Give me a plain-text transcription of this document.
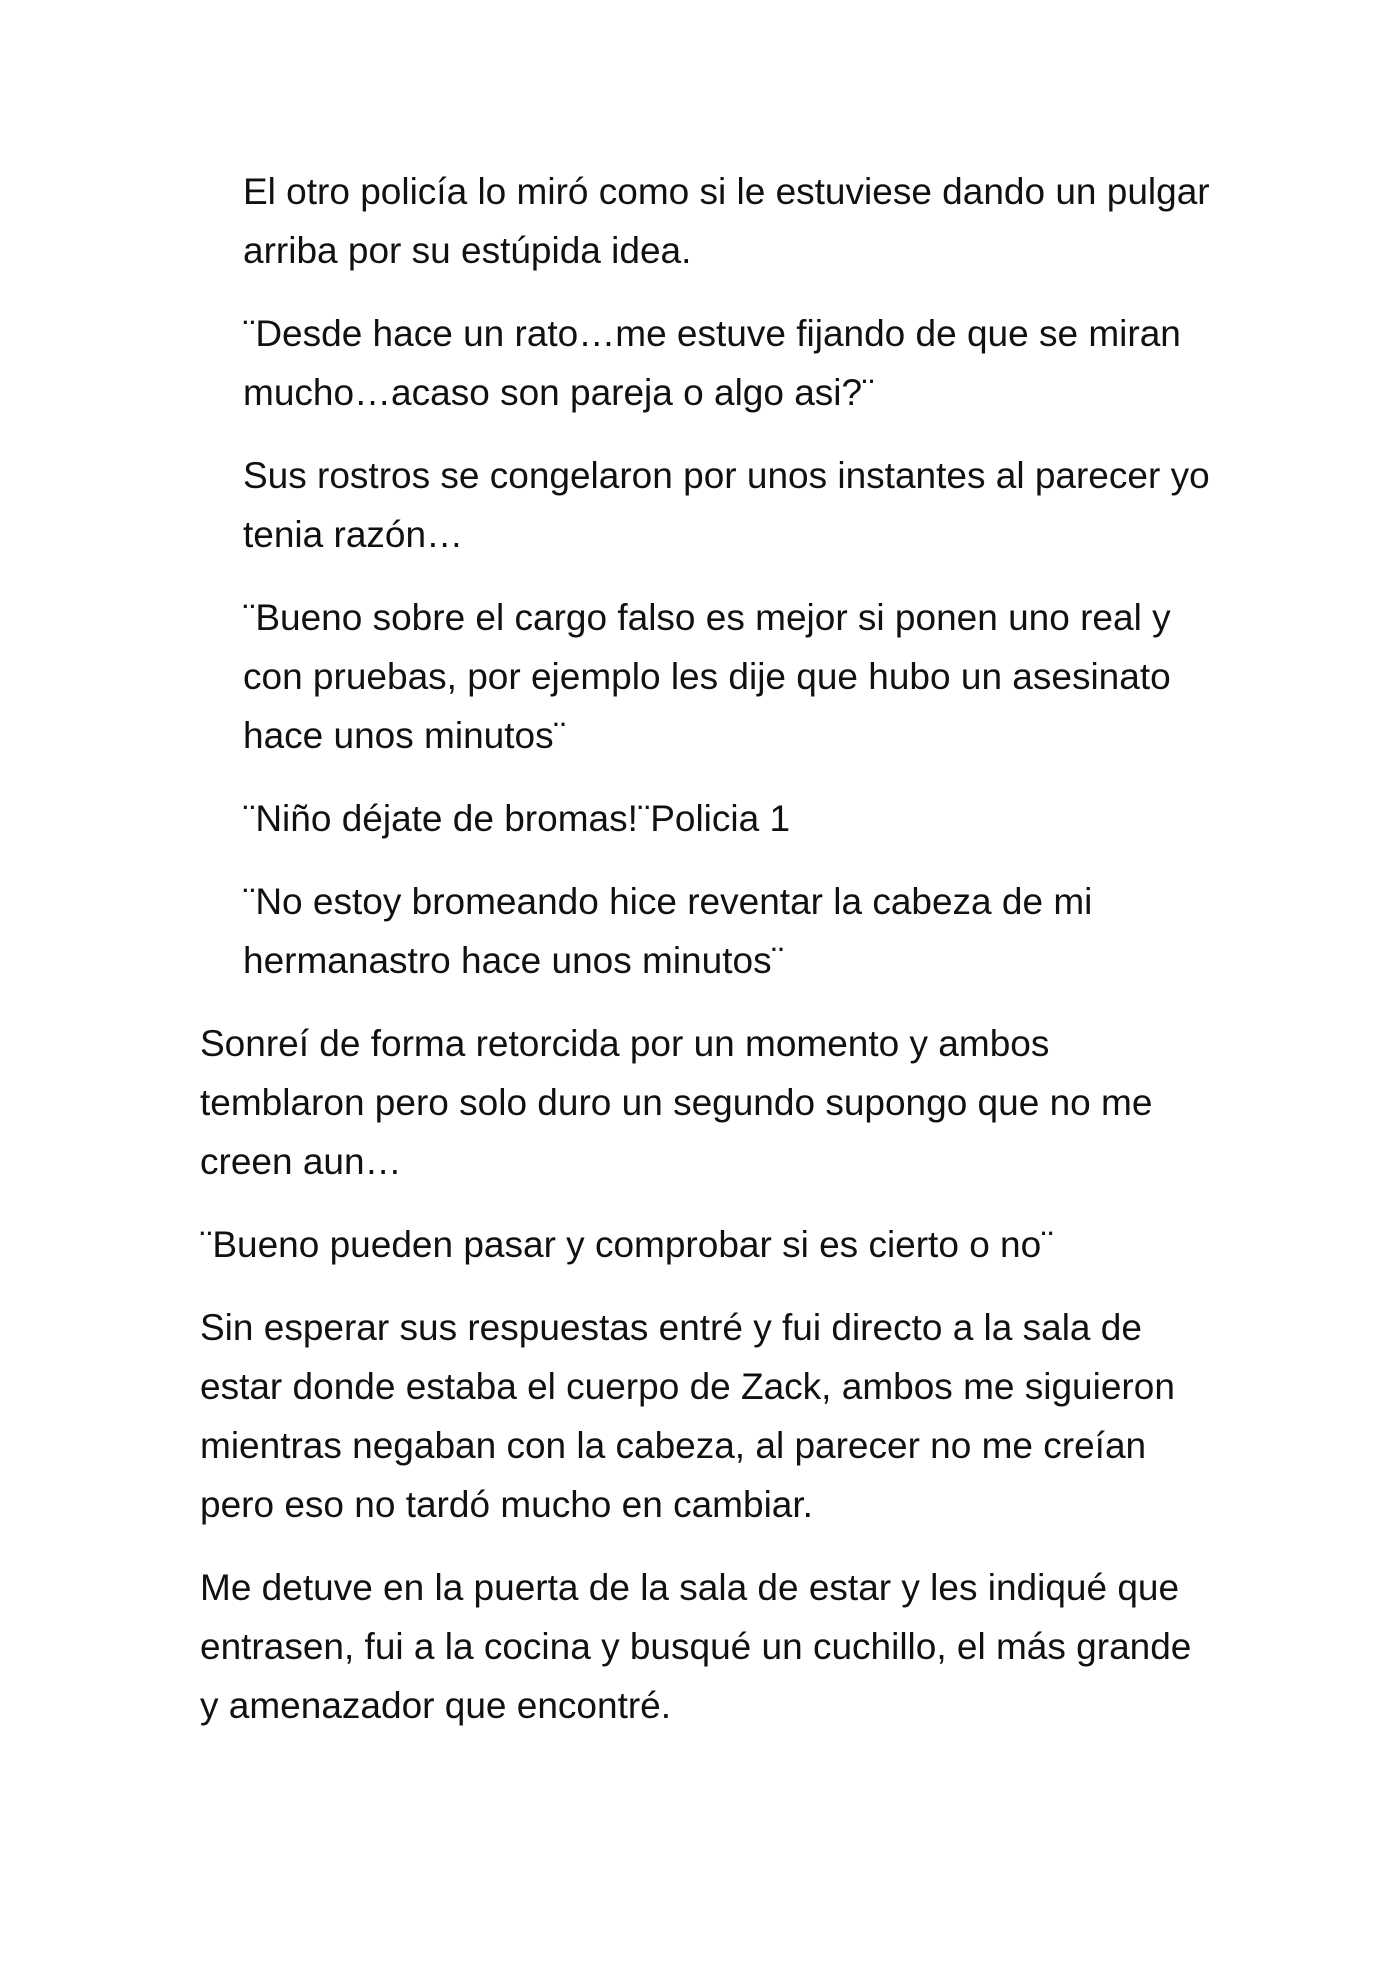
El otro policía lo miró como si le estuviese dando un pulgar arriba por su estúpida idea.

¨Desde hace un rato…me estuve fijando de que se miran mucho…acaso son pareja o algo asi?¨

Sus rostros se congelaron por unos instantes al parecer yo tenia razón…

¨Bueno sobre el cargo falso es mejor si ponen uno real y con pruebas, por ejemplo les dije que hubo un asesinato hace unos minutos¨

¨Niño déjate de bromas!¨Policia 1

¨No estoy bromeando hice reventar la cabeza de mi hermanastro hace unos minutos¨

Sonreí de forma retorcida por un momento y ambos temblaron pero solo duro un segundo supongo que no me creen aun…

¨Bueno pueden pasar y comprobar si es cierto o no¨

Sin esperar sus respuestas entré y fui directo a la sala de estar donde estaba el cuerpo de Zack, ambos me siguieron mientras negaban con la cabeza, al parecer no me creían pero eso no tardó mucho en cambiar.

Me detuve en la puerta de la sala de estar y les indiqué que entrasen, fui a la cocina y busqué un cuchillo, el más grande y amenazador que encontré.
